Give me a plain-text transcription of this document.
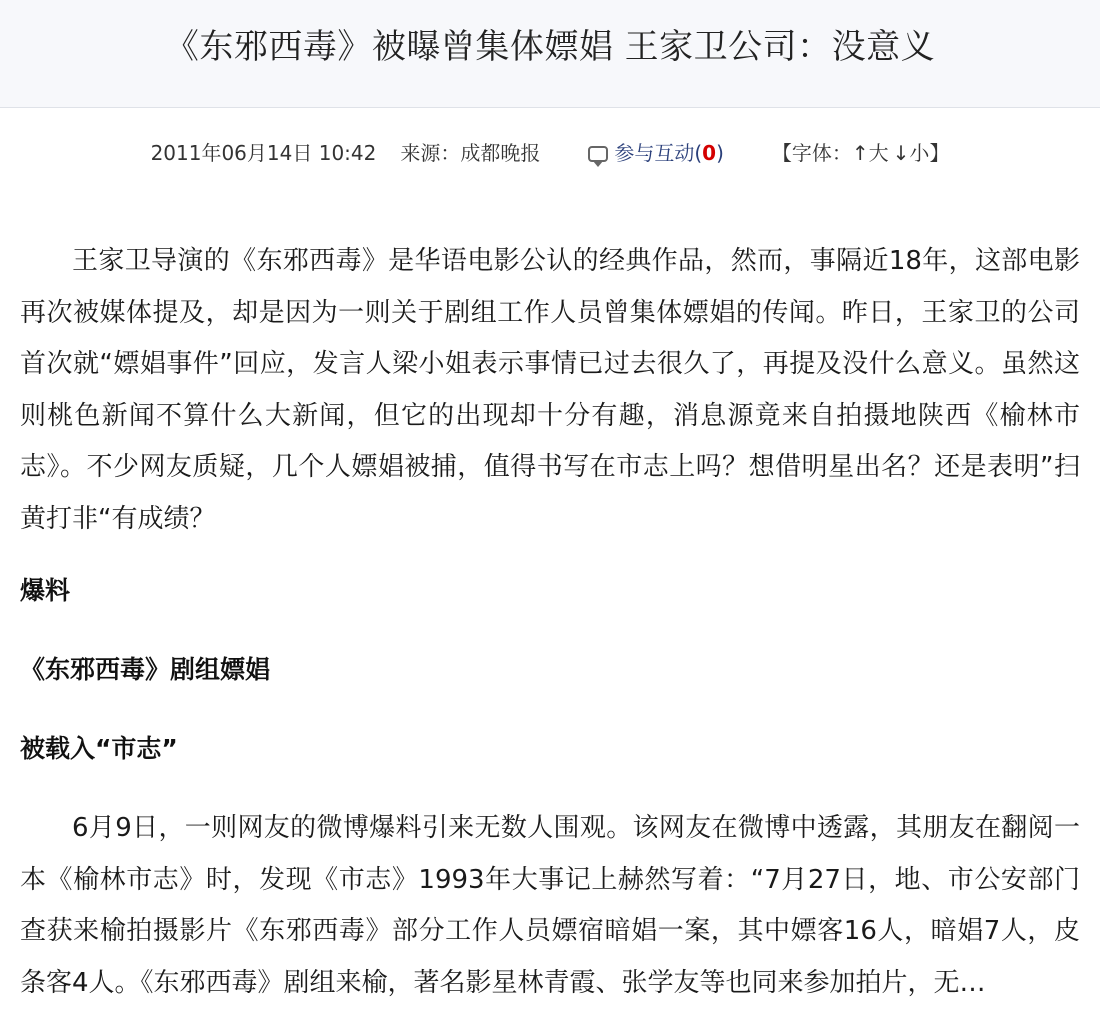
《东邪西毒》被曝曾集体嫖娼 王家卫公司：没意义
2011年06月14日 10:42 来源：成都晚报	参与互动(0) 【字体：↑大 ↓小】

王家卫导演的《东邪西毒》是华语电影公认的经典作品，然而，事隔近18年，这部电影再次被媒体提及，却是因为一则关于剧组工作人员曾集体嫖娼的传闻。昨日，王家卫的公司首次就“嫖娼事件”回应，发言人梁小姐表示事情已过去很久了，再提及没什么意义。虽然这则桃色新闻不算什么大新闻，但它的出现却十分有趣，消息源竟来自拍摄地陕西《榆林市志》。不少网友质疑，几个人嫖娼被捕，值得书写在市志上吗？想借明星出名？还是表明”扫黄打非“有成绩？

爆料
《东邪西毒》剧组嫖娼
被载入“市志”

6月9日，一则网友的微博爆料引来无数人围观。该网友在微博中透露，其朋友在翻阅一本《榆林市志》时，发现《市志》1993年大事记上赫然写着：“7月27日，地、市公安部门查获来榆拍摄影片《东邪西毒》部分工作人员嫖宿暗娼一案，其中嫖客16人，暗娼7人，皮条客4人。《东邪西毒》剧组来榆，著名影星林青霞、张学友等也同来参加拍片，无…
